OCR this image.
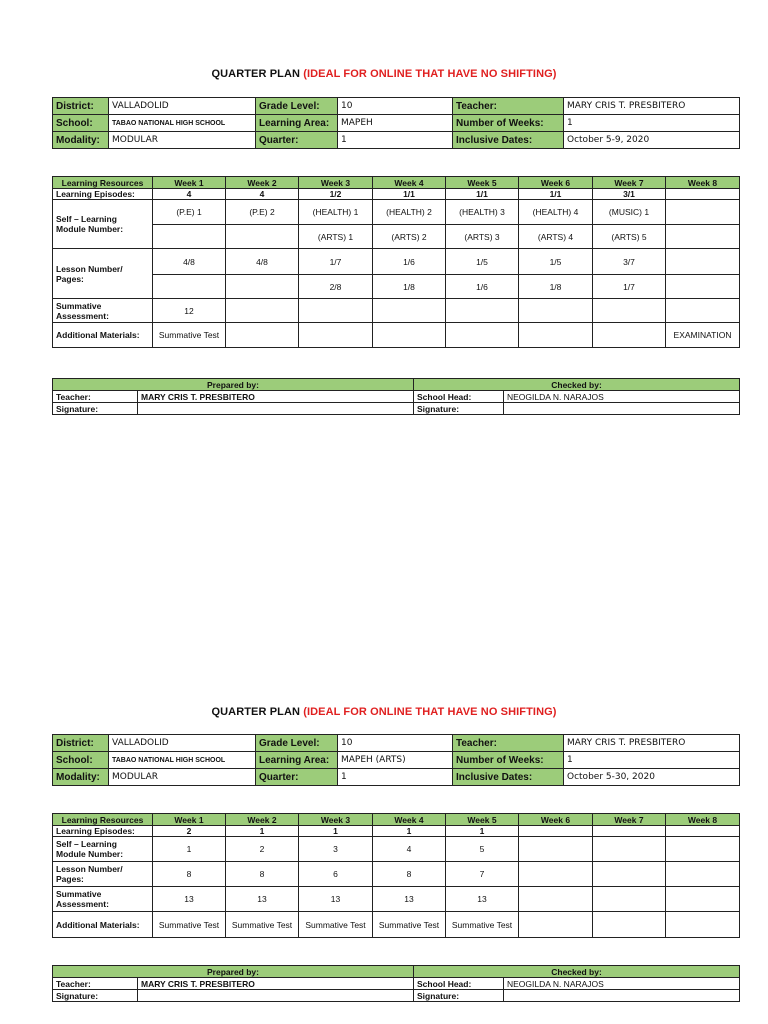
QUARTER PLAN (IDEAL FOR ONLINE THAT HAVE NO SHIFTING)
District:	VALLADOLID	Grade Level:	10	Teacher:	MARY CRIS T. PRESBITERO
School:	TABAO NATIONAL HIGH SCHOOL	Learning Area:	MAPEH	Number of Weeks:	1
Modality:	MODULAR	Quarter:	1	Inclusive Dates:	October 5-9, 2020
Learning Resources	Week 1	Week 2	Week 3	Week 4	Week 5	Week 6	Week 7	Week 8
Learning Episodes:	4	4	1/2	1/1	1/1	1/1	3/1	
Self – Learning Module Number:	(P.E) 1	(P.E) 2	(HEALTH) 1	(HEALTH) 2	(HEALTH) 3	(HEALTH) 4	(MUSIC) 1	
			(ARTS) 1	(ARTS) 2	(ARTS) 3	(ARTS) 4	(ARTS) 5	
Lesson Number/ Pages:	4/8	4/8	1/7	1/6	1/5	1/5	3/7	
			2/8	1/8	1/6	1/8	1/7	
Summative Assessment:	12							
Additional Materials:	Summative Test							EXAMINATION
Prepared by:		Checked by:	
Teacher:	MARY CRIS T. PRESBITERO	School Head:	NEOGILDA N. NARAJOS
Signature:		Signature:	
QUARTER PLAN (IDEAL FOR ONLINE THAT HAVE NO SHIFTING)
District:	VALLADOLID	Grade Level:	10	Teacher:	MARY CRIS T. PRESBITERO
School:	TABAO NATIONAL HIGH SCHOOL	Learning Area:	MAPEH (ARTS)	Number of Weeks:	1
Modality:	MODULAR	Quarter:	1	Inclusive Dates:	October 5-30, 2020
Learning Resources	Week 1	Week 2	Week 3	Week 4	Week 5	Week 6	Week 7	Week 8
Learning Episodes:	2	1	1	1	1			
Self – Learning Module Number:	1	2	3	4	5			
Lesson Number/ Pages:	8	8	6	8	7			
Summative Assessment:	13	13	13	13	13			
Additional Materials:	Summative Test	Summative Test	Summative Test	Summative Test	Summative Test			
Prepared by:		Checked by:	
Teacher:	MARY CRIS T. PRESBITERO	School Head:	NEOGILDA N. NARAJOS
Signature:		Signature:	
